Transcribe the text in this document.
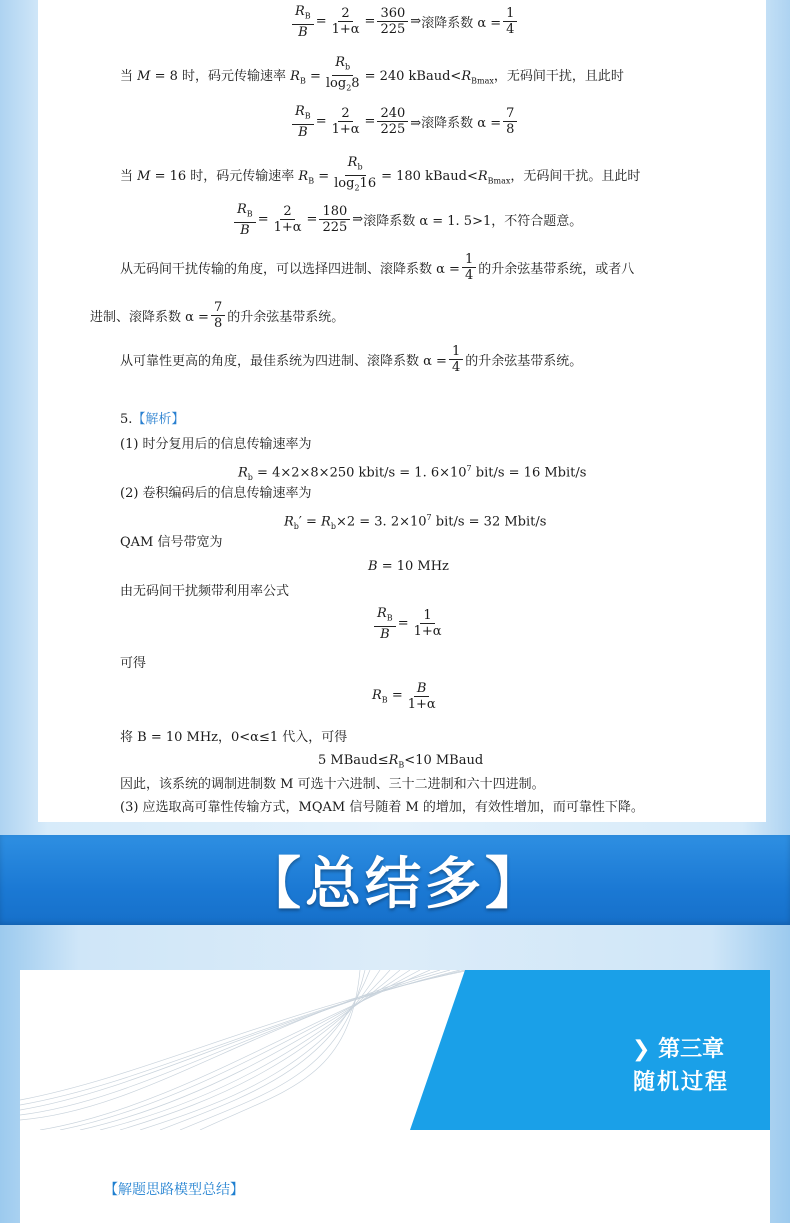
$\frac{R_B}{B} = \frac{2}{1+\alpha} = \frac{360}{225}$ ⇒ 滚降系数 $\alpha = \frac{1}{4}$
当 M = 8 时，码元传输速率 $R_B = \frac{R_b}{\log_28} = 240$ $kBaud<R_{Bmax}$，无码间干扰，且此时
$\frac{R_B}{B} = \frac{2}{1+\alpha} = \frac{240}{225}$ ⇒滚降系数 $\alpha = \frac{7}{8}$
当 M = 16 时，码元传输速率 $R_B = \frac{R_b}{\log_216} = 180$ $kBaud<R_{Bmax}$，无码间干扰。且此时
$\frac{R_B}{B} = \frac{2}{1+\alpha} = \frac{180}{225}$ ⇒ 滚降系数 α = 1. 5>1，不符合题意。
从无码间干扰传输的角度，可以选择四进制、滚降系数 $\alpha = \frac{1}{4}$ 的升余弦基带系统，或者八
进制、滚降系数 $\alpha = \frac{7}{8}$ 的升余弦基带系统。
从可靠性更高的角度，最佳系统为四进制、滚降系数 $\alpha = \frac{1}{4}$ 的升余弦基带系统。
5.【解析】
(1) 时分复用后的信息传输速率为
$R_b = 4\times 2\times 8\times 250$ kbit/s = 1. $6\times 10^7$ bit/s = 16 Mbit/s
(2) 卷积编码后的信息传输速率为
$R_b' = R_b\times 2 = 3$. $2\times 10^7$ bit/s = 32 Mbit/s
QAM 信号带宽为
B = 10 MHz
由无码间干扰频带利用率公式
$\frac{R_B}{B} = \frac{1}{1+\alpha}$
可得
$R_B = \frac{B}{1+\alpha}$
将 B = 10 MHz，0<α≤1 代入，可得
5 $MBaud\le R_B<10$ MBaud
因此，该系统的调制进制数 M 可选十六进制、三十二进制和六十四进制。
(3) 应选取高可靠性传输方式，MQAM 信号随着 M 的增加，有效性增加，而可靠性下降。
【总结多】
❯ 第三章
随机过程
【解题思路模型总结】
